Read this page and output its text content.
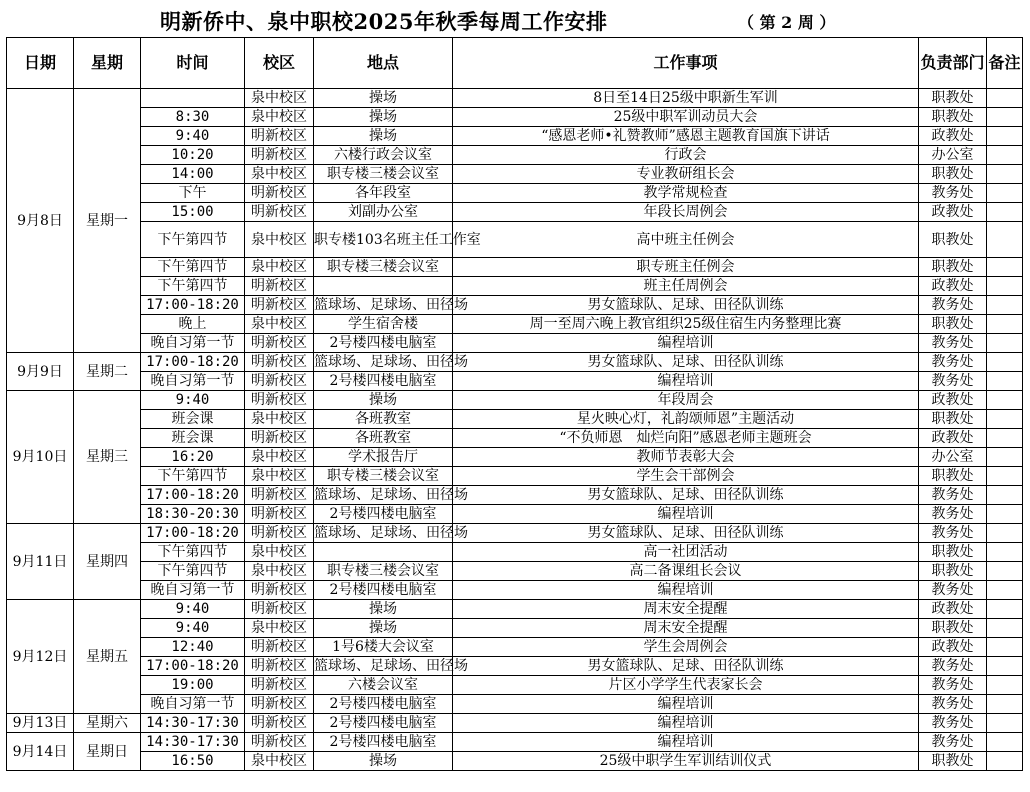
明新侨中、泉中职校2025年秋季每周工作安排	（ 第 2 周 ）
日期	星期	时间	校区	地点	工作事项	负责部门	备注
9月8日	星期一		泉中校区	操场	8日至14日25级中职新生军训	职教处	
		8:30	泉中校区	操场	25级中职军训动员大会	职教处	
		9:40	明新校区	操场	“感恩老师•礼赞教师”感恩主题教育国旗下讲话	政教处	
		10:20	明新校区	六楼行政会议室	行政会	办公室	
		14:00	泉中校区	职专楼三楼会议室	专业教研组长会	职教处	
		下午	明新校区	各年段室	教学常规检查	教务处	
		15:00	明新校区	刘副办公室	年段长周例会	政教处	
		下午第四节	泉中校区	职专楼103名班主任工作室	高中班主任例会	职教处	
		下午第四节	泉中校区	职专楼三楼会议室	职专班主任例会	职教处	
		下午第四节	明新校区		班主任周例会	政教处	
		17:00-18:20	明新校区	篮球场、足球场、田径场	男女篮球队、足球、田径队训练	教务处	
		晚上	泉中校区	学生宿舍楼	周一至周六晚上教官组织25级住宿生内务整理比赛	职教处	
		晚自习第一节	明新校区	2号楼四楼电脑室	编程培训	教务处	
9月9日	星期二	17:00-18:20	明新校区	篮球场、足球场、田径场	男女篮球队、足球、田径队训练	教务处	
		晚自习第一节	明新校区	2号楼四楼电脑室	编程培训	教务处	
9月10日	星期三	9:40	明新校区	操场	年段周会	政教处	
		班会课	泉中校区	各班教室	星火映心灯，礼韵颂师恩”主题活动	职教处	
		班会课	明新校区	各班教室	“不负师恩　灿烂向阳”感恩老师主题班会	政教处	
		16:20	泉中校区	学术报告厅	教师节表彰大会	办公室	
		下午第四节	泉中校区	职专楼三楼会议室	学生会干部例会	职教处	
		17:00-18:20	明新校区	篮球场、足球场、田径场	男女篮球队、足球、田径队训练	教务处	
		18:30-20:30	明新校区	2号楼四楼电脑室	编程培训	教务处	
9月11日	星期四	17:00-18:20	明新校区	篮球场、足球场、田径场	男女篮球队、足球、田径队训练	教务处	
		下午第四节	泉中校区		高一社团活动	职教处	
		下午第四节	泉中校区	职专楼三楼会议室	高二备课组长会议	职教处	
		晚自习第一节	明新校区	2号楼四楼电脑室	编程培训	教务处	
9月12日	星期五	9:40	明新校区	操场	周末安全提醒	政教处	
		9:40	泉中校区	操场	周末安全提醒	职教处	
		12:40	明新校区	1号6楼大会议室	学生会周例会	政教处	
		17:00-18:20	明新校区	篮球场、足球场、田径场	男女篮球队、足球、田径队训练	教务处	
		19:00	明新校区	六楼会议室	片区小学学生代表家长会	教务处	
		晚自习第一节	明新校区	2号楼四楼电脑室	编程培训	教务处	
9月13日	星期六	14:30-17:30	明新校区	2号楼四楼电脑室	编程培训	教务处	
9月14日	星期日	14:30-17:30	明新校区	2号楼四楼电脑室	编程培训	教务处	
		16:50	泉中校区	操场	25级中职学生军训结训仪式	职教处	
